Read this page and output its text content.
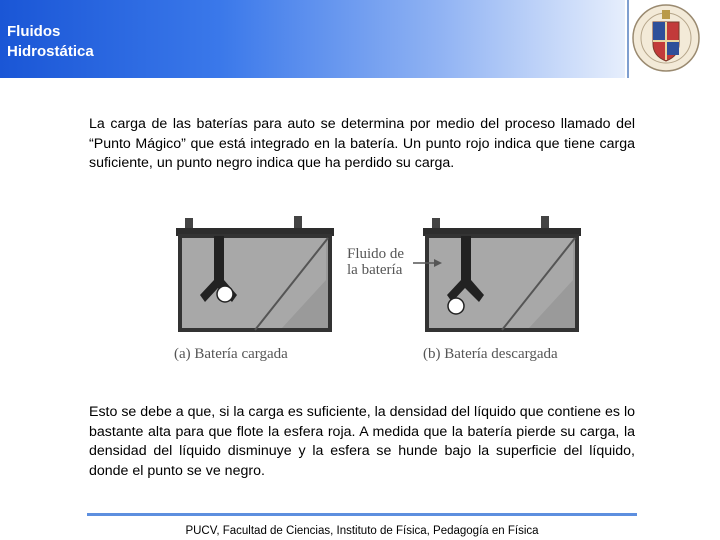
Fluidos
Hidrostática
La carga de las baterías para auto se determina por medio del proceso llamado del “Punto Mágico” que está integrado en la batería. Un punto rojo indica que tiene carga suficiente, un punto negro indica que ha perdido su carga.
Fluido de
la batería
(a) Batería cargada	(b) Batería descargada
Esto se debe a que, si la carga es suficiente, la densidad del líquido que contiene es lo bastante alta para que flote la esfera roja. A medida que la batería pierde su carga, la densidad del líquido disminuye y la esfera se hunde bajo la superficie del líquido, donde el punto se ve negro.
PUCV, Facultad de Ciencias, Instituto de Física, Pedagogía en Física
